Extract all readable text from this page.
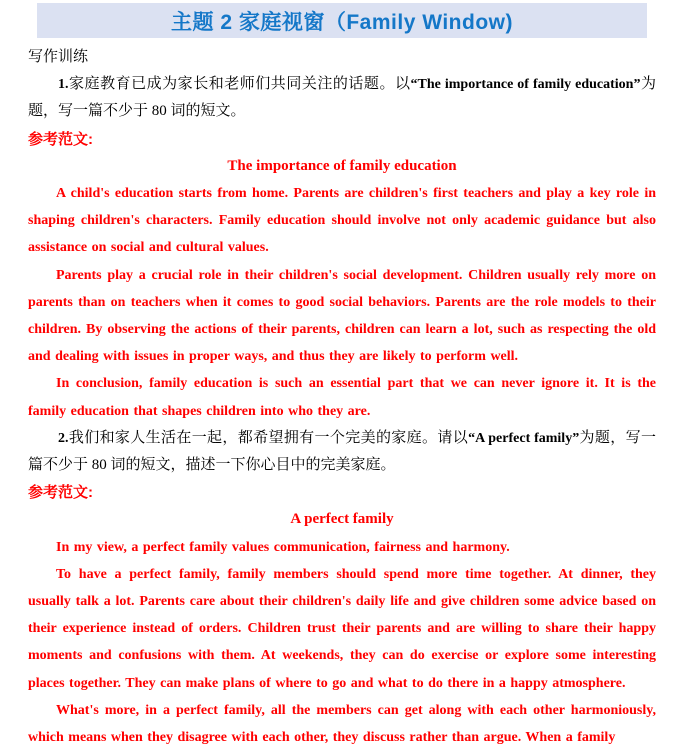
主题 2 家庭视窗（Family Window)

写作训练

1.家庭教育已成为家长和老师们共同关注的话题。以“The importance of family education”为题，写一篇不少于 80 词的短文。

参考范文:

The importance of family education

A child's education starts from home. Parents are children's first teachers and play a key role in shaping children's characters. Family education should involve not only academic guidance but also assistance on social and cultural values.

Parents play a crucial role in their children's social development. Children usually rely more on parents than on teachers when it comes to good social behaviors. Parents are the role models to their children. By observing the actions of their parents, children can learn a lot, such as respecting the old and dealing with issues in proper ways, and thus they are likely to perform well.

In conclusion, family education is such an essential part that we can never ignore it. It is the family education that shapes children into who they are.

2.我们和家人生活在一起，都希望拥有一个完美的家庭。请以“A perfect family”为题，写一篇不少于 80 词的短文，描述一下你心目中的完美家庭。

参考范文:

A perfect family

In my view, a perfect family values communication, fairness and harmony.

To have a perfect family, family members should spend more time together. At dinner, they usually talk a lot. Parents care about their children's daily life and give children some advice based on their experience instead of orders. Children trust their parents and are willing to share their happy moments and confusions with them. At weekends, they can do exercise or explore some interesting places together. They can make plans of where to go and what to do there in a happy atmosphere.

What's more, in a perfect family, all the members can get along with each other harmoniously, which means when they disagree with each other, they discuss rather than argue. When a family
